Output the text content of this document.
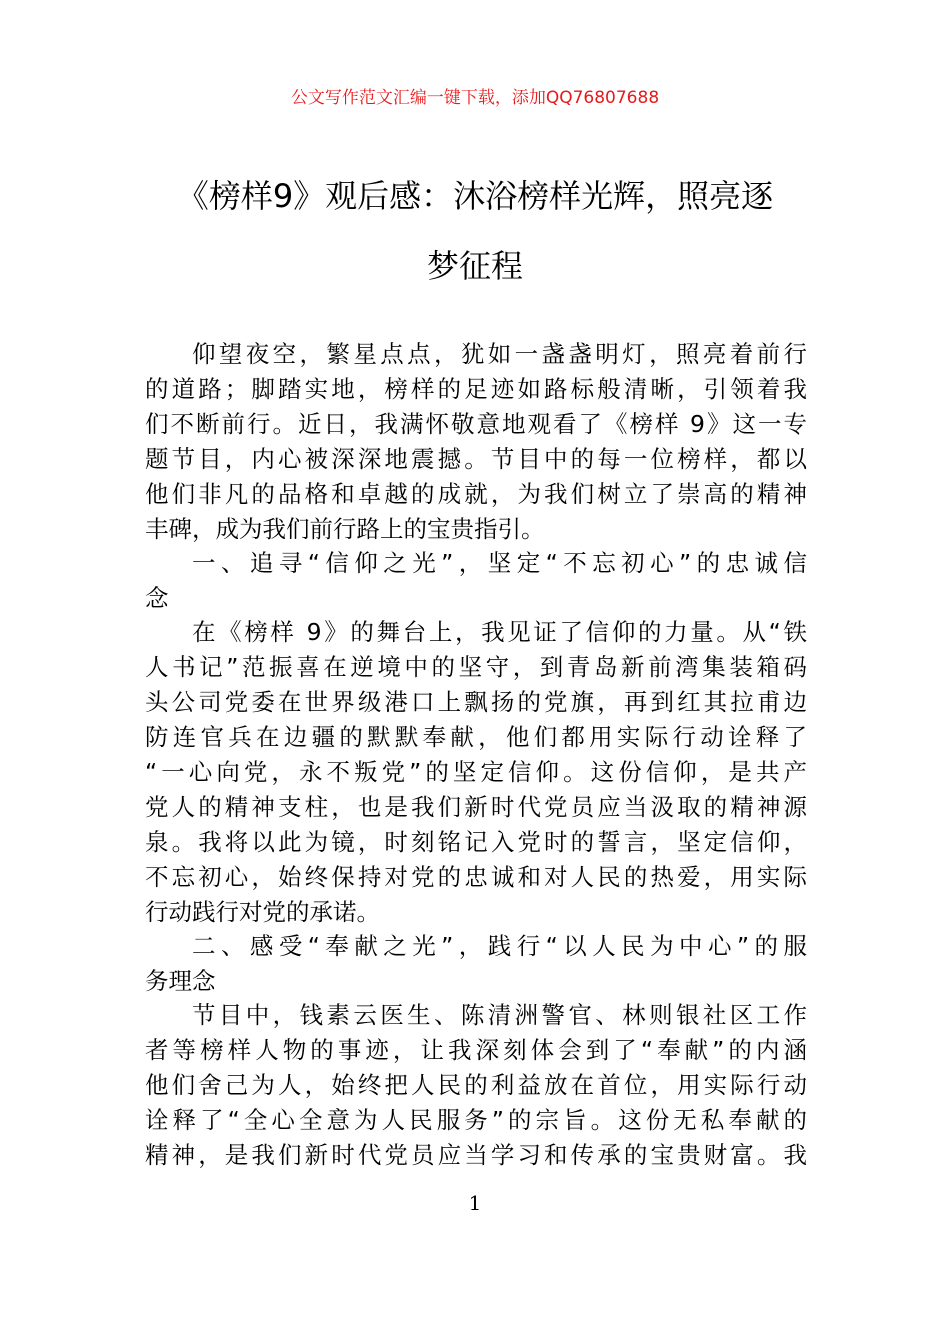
公文写作范文汇编一键下载，添加QQ76807688
《榜样9》观后感：沐浴榜样光辉，照亮逐
梦征程
仰望夜空，繁星点点，犹如一盏盏明灯，照亮着前行
的道路；脚踏实地，榜样的足迹如路标般清晰，引领着我
们不断前行。近日，我满怀敬意地观看了《榜样 9》这一专
题节目，内心被深深地震撼。节目中的每一位榜样，都以
他们非凡的品格和卓越的成就，为我们树立了崇高的精神
丰碑，成为我们前行路上的宝贵指引。
一、追寻“信仰之光”，坚定“不忘初心”的忠诚信
念
在《榜样 9》的舞台上，我见证了信仰的力量。从“铁
人书记”范振喜在逆境中的坚守，到青岛新前湾集装箱码
头公司党委在世界级港口上飘扬的党旗，再到红其拉甫边
防连官兵在边疆的默默奉献，他们都用实际行动诠释了
“一心向党，永不叛党”的坚定信仰。这份信仰，是共产
党人的精神支柱，也是我们新时代党员应当汲取的精神源
泉。我将以此为镜，时刻铭记入党时的誓言，坚定信仰，
不忘初心，始终保持对党的忠诚和对人民的热爱，用实际
行动践行对党的承诺。
二、感受“奉献之光”，践行“以人民为中心”的服
务理念
节目中，钱素云医生、陈清洲警官、林则银社区工作
者等榜样人物的事迹，让我深刻体会到了“奉献”的内涵
他们舍己为人，始终把人民的利益放在首位，用实际行动
诠释了“全心全意为人民服务”的宗旨。这份无私奉献的
精神，是我们新时代党员应当学习和传承的宝贵财富。我
1
